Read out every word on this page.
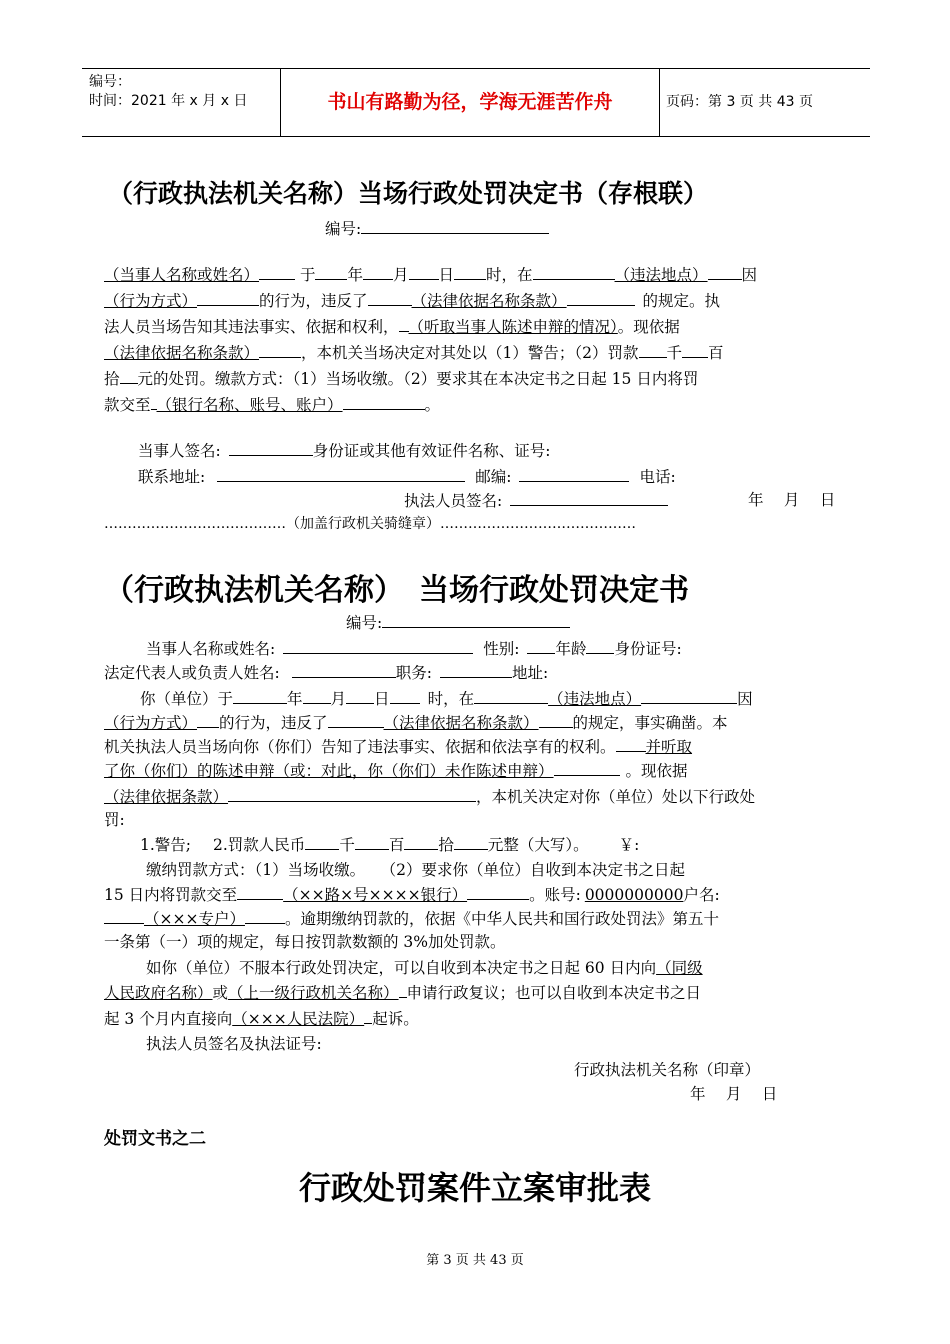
编号：
时间：2021 年 x 月 x 日	书山有路勤为径，学海无涯苦作舟	页码：第 3 页 共 43 页
（行政执法机关名称）当场行政处罚决定书（存根联）
编号:
（当事人名称或姓名）	于 年 月 日 时，在	（违法地点） 因
（行为方式）	的行为，违反了	（法律依据名称条款）	的规定。执
法人员当场告知其违法事实、依据和权利， （听取当事人陈述申辩的情况）。现依据
（法律依据名称条款）	，本机关当场决定对其处以（1）警告；（2）罚款 千 百
拾 元的处罚。缴款方式：（1）当场收缴。（2）要求其在本决定书之日起 15 日内将罚
款交至 （银行名称、账号、账户）	。
当事人签名:	身份证或其他有效证件名称、证号:
联系地址:	邮编:	电话:
执法人员签名:	年　 月　 日
…………………………………（加盖行政机关骑缝章）……………………………………
（行政执法机关名称）　当场行政处罚决定书
编号:
当事人名称或姓名:	性别: 年龄 身份证号:
法定代表人或负责人姓名:	职务:	地址:
你（单位）于	年 月 日 时，在	（违法地点）	因
（行为方式） 的行为，违反了	（法律依据名称条款） 的规定，事实确凿。本
机关执法人员当场向你（你们）告知了违法事实、依据和依法享有的权利。 并听取
了你（你们）的陈述申辩（或：对此，你（你们）未作陈述申辩）	。现依据
（法律依据条款）	，本机关决定对你（单位）处以下行政处
罚:
1.警告; 2.罚款人民币 千 百 拾 元整（大写）。 ￥:
缴纳罚款方式：（1）当场收缴。　　（2）要求你（单位）自收到本决定书之日起
15 日内将罚款交至	（××路×号××××银行）	。账号: 0000000000户名:
（×××专户）	。逾期缴纳罚款的，依据《中华人民共和国行政处罚法》第五十
一条第（一）项的规定，每日按罚款数额的 3%加处罚款。
如你（单位）不服本行政处罚决定，可以自收到本决定书之日起 60 日内向（同级
人民政府名称）或（上一级行政机关名称） 申请行政复议；也可以自收到本决定书之日
起 3 个月内直接向（×××人民法院） 起诉。
执法人员签名及执法证号:
行政执法机关名称（印章）
年　 月　 日
处罚文书之二
行政处罚案件立案审批表
第 3 页 共 43 页
